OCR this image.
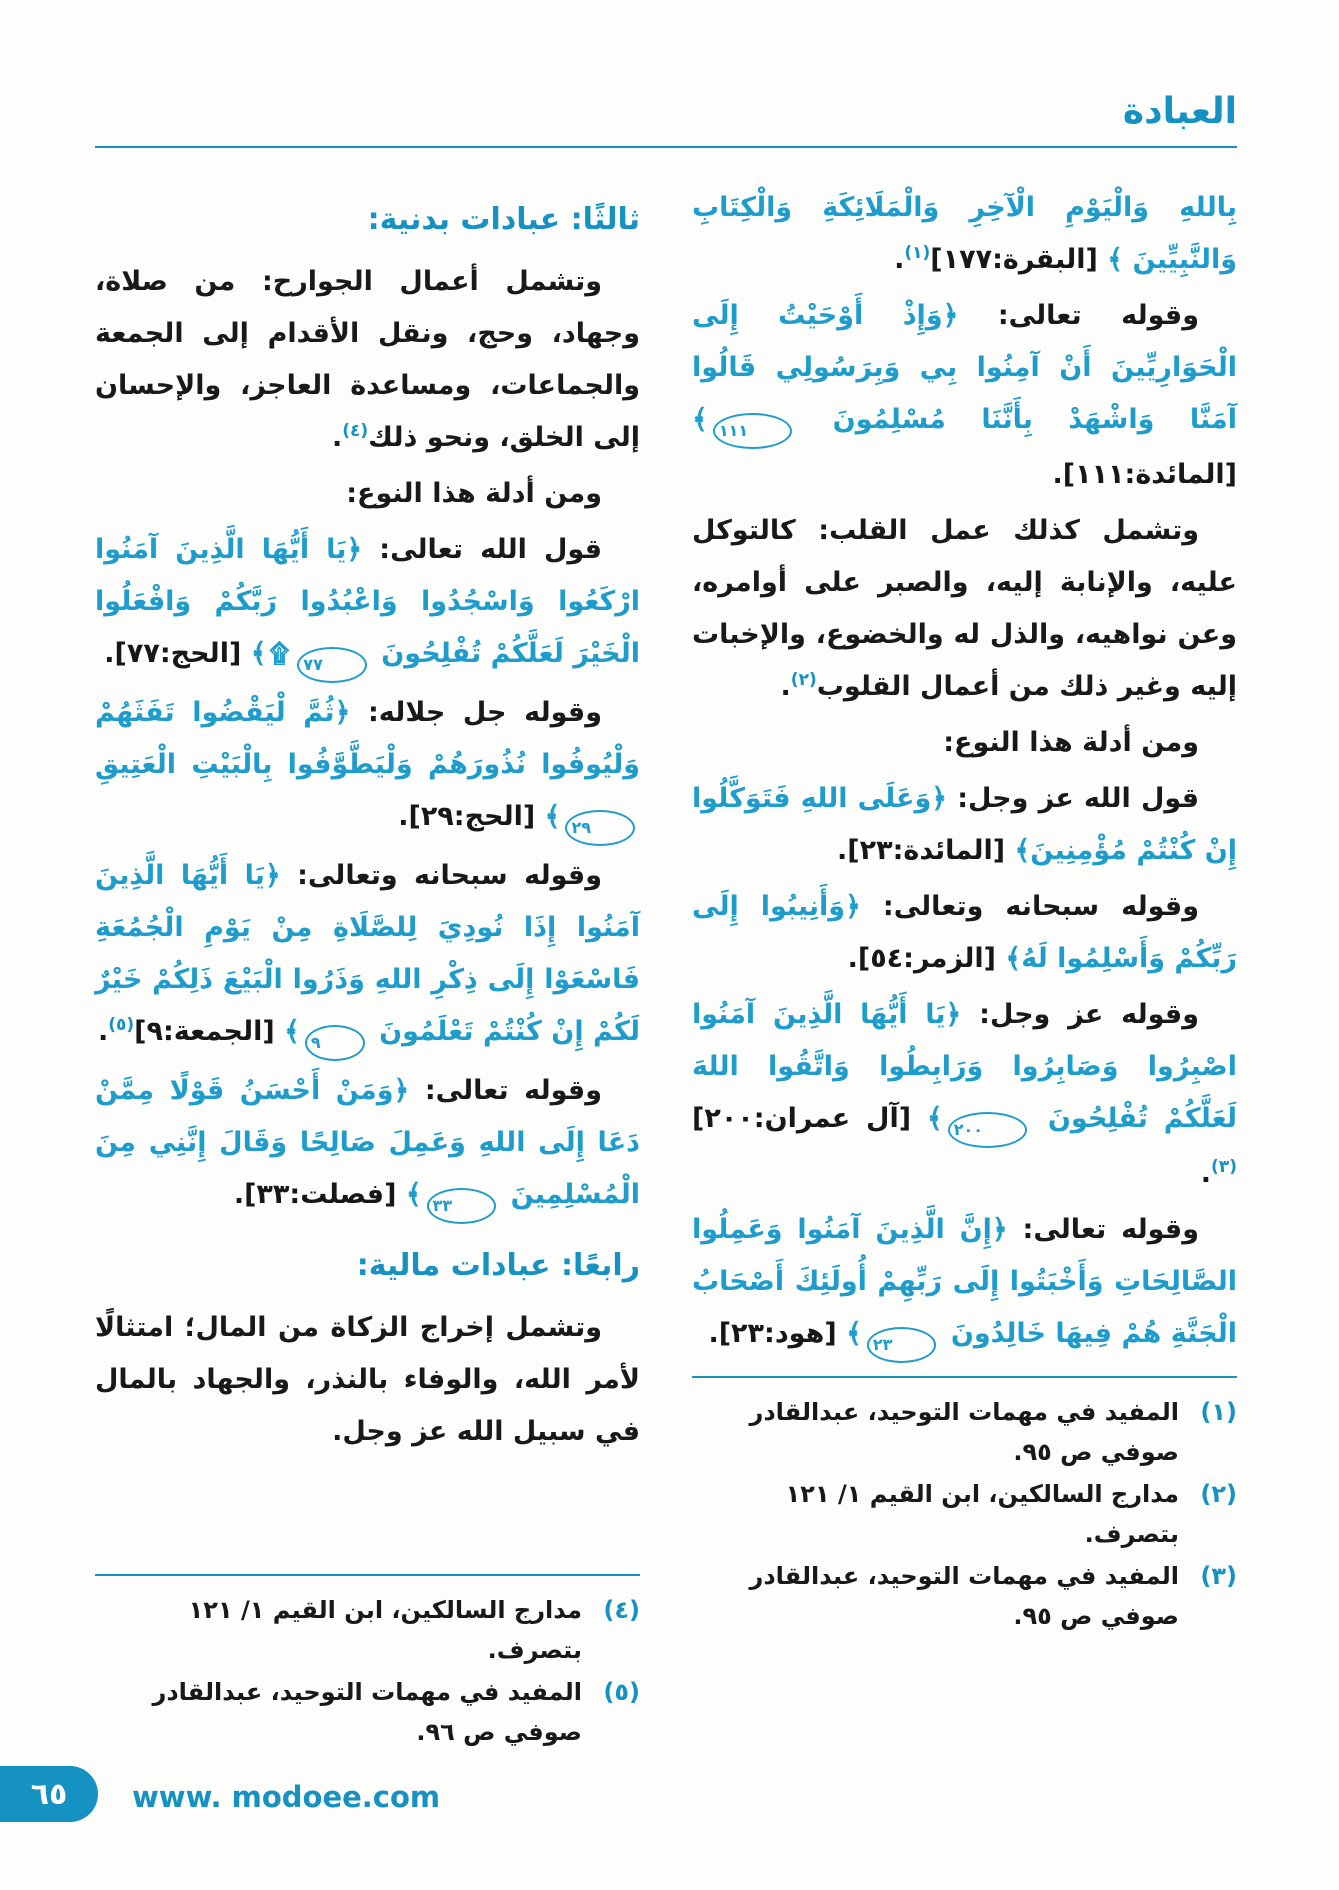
العبادة

بِاللهِ وَالْيَوْمِ الْآخِرِ وَالْمَلَائِكَةِ وَالْكِتَابِ وَالنَّبِيِّينَ ﴾ [البقرة:١٧٧]$^{(١)}$.

وقوله تعالى: ﴿وَإِذْ أَوْحَيْتُ إِلَى الْحَوَارِيِّينَ أَنْ آمِنُوا بِي وَبِرَسُولِي قَالُوا آمَنَّا وَاشْهَدْ بِأَنَّنَا مُسْلِمُونَ ١١١﴾ [المائدة:١١١].

وتشمل كذلك عمل القلب: كالتوكل عليه، والإنابة إليه، والصبر على أوامره، وعن نواهيه، والذل له والخضوع، والإخبات إليه وغير ذلك من أعمال القلوب$^{(٢)}$.

ومن أدلة هذا النوع:

قول الله عز وجل: ﴿وَعَلَى اللهِ فَتَوَكَّلُوا إِنْ كُنْتُمْ مُؤْمِنِينَ﴾ [المائدة:٢٣].

وقوله سبحانه وتعالى: ﴿وَأَنِيبُوا إِلَى رَبِّكُمْ وَأَسْلِمُوا لَهُ﴾ [الزمر:٥٤].

وقوله عز وجل: ﴿يَا أَيُّهَا الَّذِينَ آمَنُوا اصْبِرُوا وَصَابِرُوا وَرَابِطُوا وَاتَّقُوا اللهَ لَعَلَّكُمْ تُفْلِحُونَ ٢٠٠﴾ [آل عمران:٢٠٠]$^{(٣)}$.

وقوله تعالى: ﴿إِنَّ الَّذِينَ آمَنُوا وَعَمِلُوا الصَّالِحَاتِ وَأَخْبَتُوا إِلَى رَبِّهِمْ أُولَئِكَ أَصْحَابُ الْجَنَّةِ هُمْ فِيهَا خَالِدُونَ ٢٣﴾ [هود:٢٣].

(١)
المفيد في مهمات التوحيد، عبدالقادر صوفي ص ٩٥.
(٢)
مدارج السالكين، ابن القيم ١/ ١٢١ بتصرف.
(٣)
المفيد في مهمات التوحيد، عبدالقادر صوفي ص ٩٥.
ثالثًا: عبادات بدنية:

وتشمل أعمال الجوارح: من صلاة، وجهاد، وحج، ونقل الأقدام إلى الجمعة والجماعات، ومساعدة العاجز، والإحسان إلى الخلق، ونحو ذلك$^{(٤)}$.

ومن أدلة هذا النوع:

قول الله تعالى: ﴿يَا أَيُّهَا الَّذِينَ آمَنُوا ارْكَعُوا وَاسْجُدُوا وَاعْبُدُوا رَبَّكُمْ وَافْعَلُوا الْخَيْرَ لَعَلَّكُمْ تُفْلِحُونَ ٧٧۩﴾ [الحج:٧٧].

وقوله جل جلاله: ﴿ثُمَّ لْيَقْضُوا تَفَثَهُمْ وَلْيُوفُوا نُذُورَهُمْ وَلْيَطَّوَّفُوا بِالْبَيْتِ الْعَتِيقِ ٢٩﴾ [الحج:٢٩].

وقوله سبحانه وتعالى: ﴿يَا أَيُّهَا الَّذِينَ آمَنُوا إِذَا نُودِيَ لِلصَّلَاةِ مِنْ يَوْمِ الْجُمُعَةِ فَاسْعَوْا إِلَى ذِكْرِ اللهِ وَذَرُوا الْبَيْعَ ذَلِكُمْ خَيْرٌ لَكُمْ إِنْ كُنْتُمْ تَعْلَمُونَ ٩﴾ [الجمعة:٩]$^{(٥)}$.

وقوله تعالى: ﴿وَمَنْ أَحْسَنُ قَوْلًا مِمَّنْ دَعَا إِلَى اللهِ وَعَمِلَ صَالِحًا وَقَالَ إِنَّنِي مِنَ الْمُسْلِمِينَ ٣٣﴾ [فصلت:٣٣].

رابعًا: عبادات مالية:

وتشمل إخراج الزكاة من المال؛ امتثالًا لأمر الله، والوفاء بالنذر، والجهاد بالمال في سبيل الله عز وجل.

(٤)
مدارج السالكين، ابن القيم ١/ ١٢١ بتصرف.
(٥)
المفيد في مهمات التوحيد، عبدالقادر صوفي ص ٩٦.
٦٥	www. modoee.com
